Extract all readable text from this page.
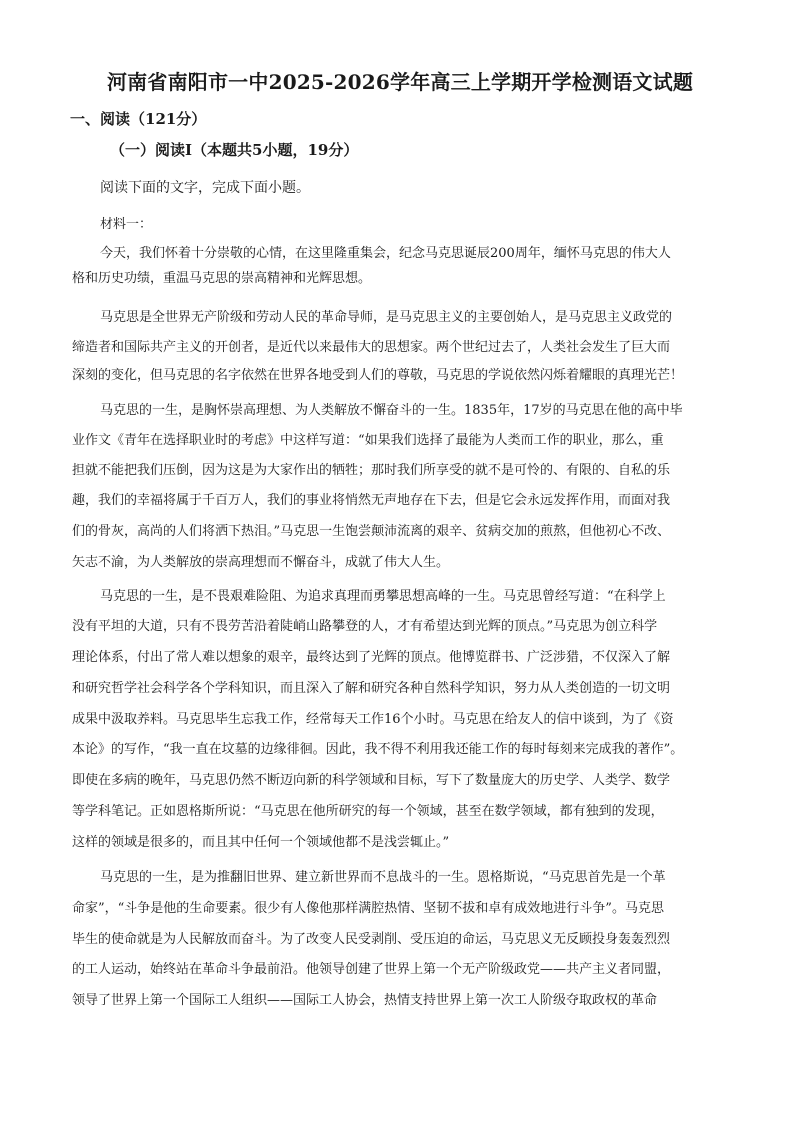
河南省南阳市一中2025-2026学年高三上学期开学检测语文试题
一、阅读（121分）
（一）阅读Ⅰ（本题共5小题，19分）
阅读下面的文字，完成下面小题。
材料一：
今天，我们怀着十分崇敬的心情，在这里隆重集会，纪念马克思诞辰200周年，缅怀马克思的伟大人
格和历史功绩，重温马克思的崇高精神和光辉思想。
马克思是全世界无产阶级和劳动人民的革命导师，是马克思主义的主要创始人，是马克思主义政党的
缔造者和国际共产主义的开创者，是近代以来最伟大的思想家。两个世纪过去了，人类社会发生了巨大而
深刻的变化，但马克思的名字依然在世界各地受到人们的尊敬，马克思的学说依然闪烁着耀眼的真理光芒！
马克思的一生，是胸怀崇高理想、为人类解放不懈奋斗的一生。1835年，17岁的马克思在他的高中毕
业作文《青年在选择职业时的考虑》中这样写道：“如果我们选择了最能为人类而工作的职业，那么，重
担就不能把我们压倒，因为这是为大家作出的牺牲；那时我们所享受的就不是可怜的、有限的、自私的乐
趣，我们的幸福将属于千百万人，我们的事业将悄然无声地存在下去，但是它会永远发挥作用，而面对我
们的骨灰，高尚的人们将洒下热泪。”马克思一生饱尝颠沛流离的艰辛、贫病交加的煎熬，但他初心不改、
矢志不渝，为人类解放的崇高理想而不懈奋斗，成就了伟大人生。
马克思的一生，是不畏艰难险阻、为追求真理而勇攀思想高峰的一生。马克思曾经写道：“在科学上
没有平坦的大道，只有不畏劳苦沿着陡峭山路攀登的人，才有希望达到光辉的顶点。”马克思为创立科学
理论体系，付出了常人难以想象的艰辛，最终达到了光辉的顶点。他博览群书、广泛涉猎，不仅深入了解
和研究哲学社会科学各个学科知识，而且深入了解和研究各种自然科学知识，努力从人类创造的一切文明
成果中汲取养料。马克思毕生忘我工作，经常每天工作16个小时。马克思在给友人的信中谈到，为了《资
本论》的写作，“我一直在坟墓的边缘徘徊。因此，我不得不利用我还能工作的每时每刻来完成我的著作”。
即使在多病的晚年，马克思仍然不断迈向新的科学领域和目标，写下了数量庞大的历史学、人类学、数学
等学科笔记。正如恩格斯所说：“马克思在他所研究的每一个领域，甚至在数学领域，都有独到的发现，
这样的领域是很多的，而且其中任何一个领域他都不是浅尝辄止。”
马克思的一生，是为推翻旧世界、建立新世界而不息战斗的一生。恩格斯说，“马克思首先是一个革
命家”，“斗争是他的生命要素。很少有人像他那样满腔热情、坚韧不拔和卓有成效地进行斗争”。马克思
毕生的使命就是为人民解放而奋斗。为了改变人民受剥削、受压迫的命运，马克思义无反顾投身轰轰烈烈
的工人运动，始终站在革命斗争最前沿。他领导创建了世界上第一个无产阶级政党——共产主义者同盟，
领导了世界上第一个国际工人组织——国际工人协会，热情支持世界上第一次工人阶级夺取政权的革命
